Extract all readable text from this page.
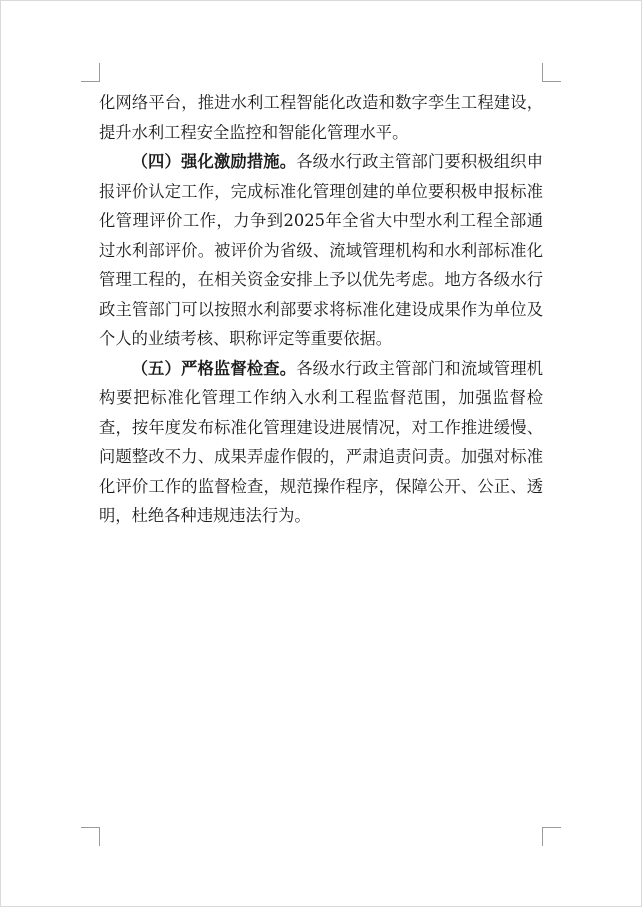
化网络平台，推进水利工程智能化改造和数字孪生工程建设，提升水利工程安全监控和智能化管理水平。

（四）强化激励措施。各级水行政主管部门要积极组织申报评价认定工作，完成标准化管理创建的单位要积极申报标准化管理评价工作，力争到2025年全省大中型水利工程全部通过水利部评价。被评价为省级、流域管理机构和水利部标准化管理工程的，在相关资金安排上予以优先考虑。地方各级水行政主管部门可以按照水利部要求将标准化建设成果作为单位及个人的业绩考核、职称评定等重要依据。

（五）严格监督检查。各级水行政主管部门和流域管理机构要把标准化管理工作纳入水利工程监督范围，加强监督检查，按年度发布标准化管理建设进展情况，对工作推进缓慢、问题整改不力、成果弄虚作假的，严肃追责问责。加强对标准化评价工作的监督检查，规范操作程序，保障公开、公正、透明，杜绝各种违规违法行为。
